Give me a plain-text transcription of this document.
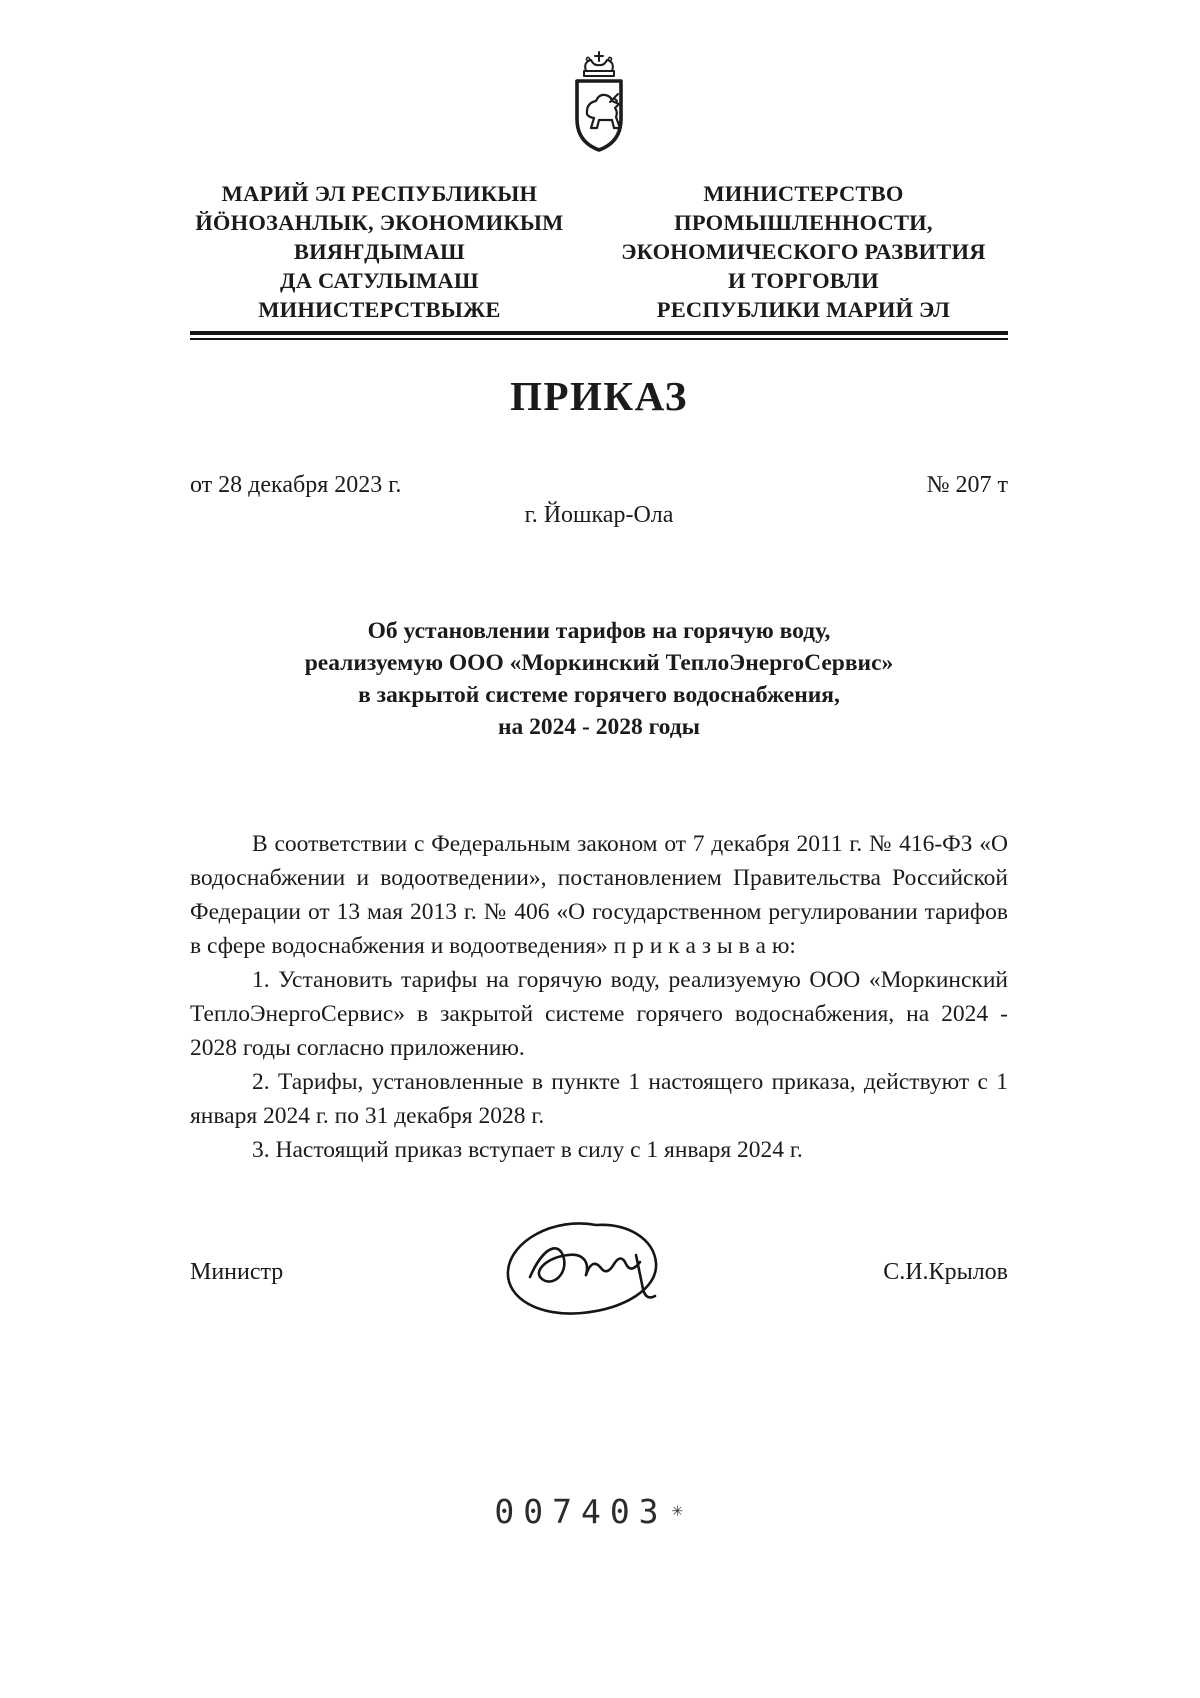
МАРИЙ ЭЛ РЕСПУБЛИКЫН
ЙӦНОЗАНЛЫК, ЭКОНОМИКЫМ
ВИЯҤДЫМАШ
ДА САТУЛЫМАШ
МИНИСТЕРСТВЫЖЕ
МИНИСТЕРСТВО
ПРОМЫШЛЕННОСТИ,
ЭКОНОМИЧЕСКОГО РАЗВИТИЯ
И ТОРГОВЛИ
РЕСПУБЛИКИ МАРИЙ ЭЛ
ПРИКАЗ
от 28 декабря 2023 г.	№ 207 т
г. Йошкар-Ола
Об установлении тарифов на горячую воду,
реализуемую ООО «Моркинский ТеплоЭнергоСервис»
в закрытой системе горячего водоснабжения,
на 2024 - 2028 годы

В соответствии с Федеральным законом от 7 декабря 2011 г. № 416-ФЗ «О водоснабжении и водоотведении», постановлением Правительства Российской Федерации от 13 мая 2013 г. № 406 «О государственном регулировании тарифов в сфере водоснабжения и водоотведения» п р и к а з ы в а ю:

1. Установить тарифы на горячую воду, реализуемую ООО «Моркинский ТеплоЭнергоСервис» в закрытой системе горячего водоснабжения, на 2024 - 2028 годы согласно приложению.

2. Тарифы, установленные в пункте 1 настоящего приказа, действуют с 1 января 2024 г. по 31 декабря 2028 г.

3. Настоящий приказ вступает в силу с 1 января 2024 г.

Министр	С.И.Крылов
007403 ✳
